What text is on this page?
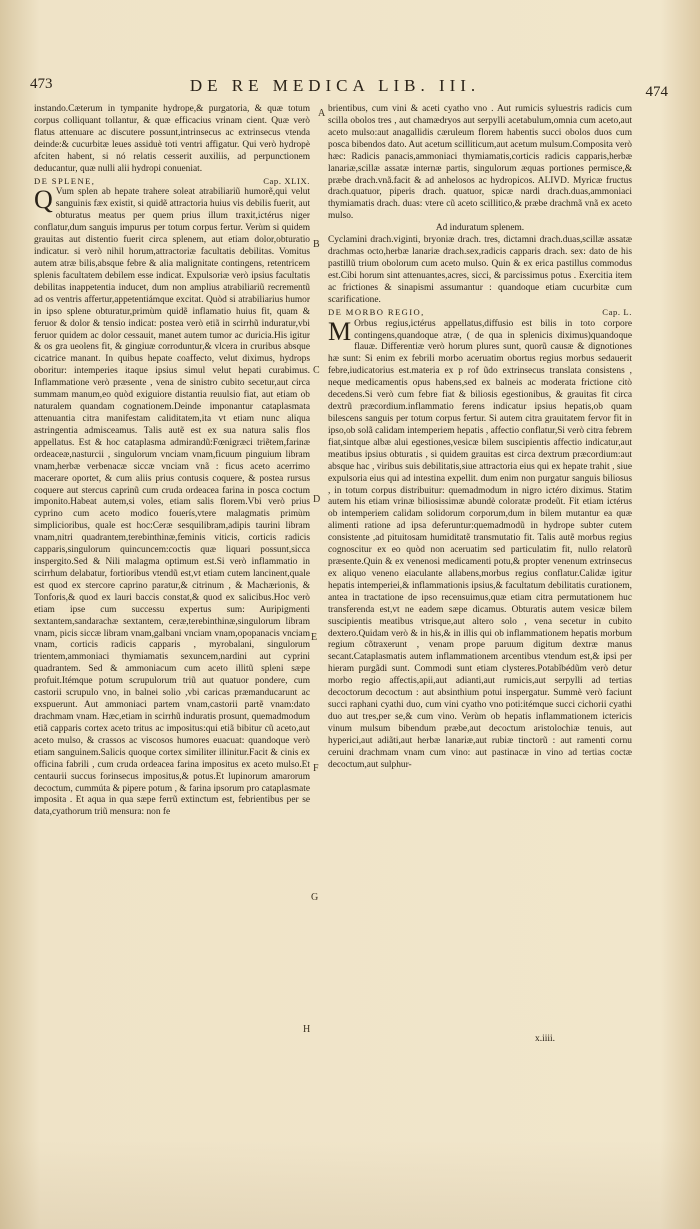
473	DE RE MEDICA LIB. III.	474

instando.Cæterum in tympanite hydrope,& purgatoria, & quæ totum corpus colliquant tollantur, & quæ efficacius vrinam cient. Quæ verò flatus attenuare ac discutere possunt,intrinsecus ac extrinsecus vtenda deinde:& cucurbitæ leues assiduè toti ventri affigatur. Qui verò hydropè afciten habent, si nó relatis cesserit auxiliis, ad perpunctionem deducantur, quæ nulli alii hydropi conueniat.

DE SPLENE,	Cap. XLIX.

Q Vum splen ab hepate trahere soleat atrabiliariũ humorẽ,qui velut sanguinis fæx existit, si quidẽ attractoria huius vis debilis fuerit, aut obturatus meatus per quem prius illum traxit,ictérus niger conflatur,dum sanguis impurus per totum corpus fertur. Verùm si quidem grauitas aut distentio fuerit circa splenem, aut etiam dolor,obturatio indicatur. si verò nihil horum,attractoriæ facultatis debilitas. Vomitus autem atræ bilis,absque febre & alia malignitate contingens, retentricem splenis facultatem debilem esse indicat. Expulsoriæ verò ipsius facultatis debilitas inappetentia inducet, dum non amplius atrabiliariũ recrementũ ad os ventris affertur,appetentiámque excitat. Quòd si atrabiliarius humor in ipso splene obturatur,primùm quidẽ inflamatio huius fit, quam & feruor & dolor & tensio indicat: postea verò etiã in scirrhũ induratur,vbi feruor quidem ac dolor cessauit, manet autem tumor ac duricia.His igitur & os gra ueolens fit, & gingiuæ corroduntur,& vlcera in cruribus absque cicatrice manant. In quibus hepate coaffecto, velut diximus, hydrops oboritur: intemperies itaque ipsius simul velut hepati curabimus. Inflammatione verò præsente , vena de sinistro cubito secetur,aut circa summam manum,eo quòd exiguiore distantia reuulsio fiat, aut etiam ob naturalem quandam cognationem.Deinde imponantur cataplasmata attenuantia citra manifestam caliditatem,ita vt etiam nunc aliqua astringentia admisceamus. Talis autẽ est ex sua natura salis flos appellatus. Est & hoc cataplasma admirandũ:Fœnigræci triẽtem,farinæ ordeaceæ,nasturcii , singulorum vnciam vnam,ficuum pinguium libram vnam,herbæ verbenacæ siccæ vnciam vnã : ficus aceto acerrimo macerare oportet, & cum aliis prius contusis coquere, & postea rursus coquere aut stercus caprinũ cum cruda ordeacea farina in posca coctum imponito.Habeat autem,si voles, etiam salis florem.Vbi verò prius cyprino cum aceto modico fouerís,vtere malagmatis primùm simplicioribus, quale est hoc:Ceræ sesquilibram,adipis taurini libram vnam,nitri quadrantem,terebinthinæ,feminis viticis, corticis radicis capparis,singulorum quincuncem:coctis quæ liquari possunt,sicca inspergito.Sed & Nili malagma optimum est.Si verò inflammatio in scirrhum delabatur, fortioribus vtendũ est,vt etiam cutem lancinent,quale est quod ex stercore caprino paratur,& citrinum , & Machærionis, & Tonforis,& quod ex lauri baccis constat,& quod ex salicibus.Hoc verò etiam ipse cum successu expertus sum: Auripigmenti sextantem,sandarachæ sextantem, ceræ,terebinthinæ,singulorum libram vnam, picis siccæ libram vnam,galbani vnciam vnam,opopanacis vnciam vnam, corticis radicis capparis , myrobalani, singulorum trientem,ammoniaci thymiamatis sexuncem,nardini aut cyprini quadrantem. Sed & ammoniacum cum aceto illitũ spleni sæpe profuit.Itémque potum scrupulorum triũ aut quatuor pondere, cum castorii scrupulo vno, in balnei solio ,vbi caricas præmanducarunt ac exspuerunt. Aut ammoniaci partem vnam,castorii partẽ vnam:dato drachmam vnam. Hæc,etiam in scirrhũ induratis prosunt, quemadmodum etiã capparis cortex aceto tritus ac impositus:qui etiã bibitur cũ aceto,aut aceto mulso, & crassos ac viscosos humores euacuat: quandoque verò etiam sanguinem.Salicis quoque cortex similiter illinitur.Facit & cinis ex officina fabrili , cum cruda ordeacea farina impositus ex aceto mulso.Et centaurii succus forinsecus impositus,& potus.Et lupinorum amarorum decoctum, cummúta & pipere potum , & farina ipsorum pro cataplasmate imposita . Et aqua in qua sæpe ferrũ extinctum est, febrientibus per se data,cyathorum triũ mensura: non fe

brientibus, cum vini & aceti cyatho vno . Aut rumicis syluestris radicis cum scilla obolos tres , aut chamædryos aut serpylli acetabulum,omnia cum aceto,aut aceto mulso:aut anagallidis cæruleum florem habentis succi obolos duos cum posca bibendos dato. Aut acetum scilliticum,aut acetum mulsum.Composita verò hæc: Radicis panacis,ammoniaci thymiamatis,corticis radicis capparis,herbæ lanariæ,scillæ assatæ internæ partis, singulorum æquas portiones permisce,& præbe drach.vnã.facit & ad anhelosos ac hydropicos. ALIVD. Myricæ fructus drach.quatuor, piperis drach. quatuor, spicæ nardi drach.duas,ammoniaci thymiamatis drach. duas: vtere cũ aceto scillitico,& præbe drachmã vnã ex aceto mulso.

Ad induratum splenem.

Cyclamini drach.viginti, bryoniæ drach. tres, dictamni drach.duas,scillæ assatæ drachmas octo,herbæ lanariæ drach.sex,radicis capparis drach. sex: dato de his pastillũ trium obolorum cum aceto mulso. Quin & ex erica pastillus commodus est.Cibi horum sint attenuantes,acres, sicci, & parcissimus potus . Exercitia item ac frictiones & sinapismi assumantur : quandoque etiam cucurbitæ cum scarificatione.

DE MORBO REGIO,	Cap. L.

M Orbus regius,ictérus appellatus,diffusio est bilis in toto corpore contingens,quandoque atræ, ( de qua in splenicis diximus)quandoque flauæ. Differentiæ verò horum plures sunt, quorũ causæ & dignotiones hæ sunt: Si enim ex febrili morbo aceruatim obortus regius morbus sedauerit febre,iudicatorius est.materia ex p rof ũdo extrinsecus translata consistens , neque medicamentis opus habens,sed ex balneis ac moderata frictione citò decedens.Si verò cum febre fiat & biliosis egestionibus, & grauitas fit circa dextrũ præcordium.inflammatio ferens indicatur ipsius hepatis,ob quam bilescens sanguis per totum corpus fertur. Si autem citra grauitatem fervor fit in ipso,ob solã calidam intemperiem hepatis , affectio conflatur,Si verò citra febrem fiat,sintque albæ alui egestiones,vesicæ bilem suscipientis affectio indicatur,aut meatibus ipsius obturatis , si quidem grauitas est circa dextrum præcordium:aut absque hac , viribus suis debilitatis,siue attractoria eius qui ex hepate trahit , siue expulsoria eius qui ad intestina expellit. dum enim non purgatur sanguis biliosus , in totum corpus distribuitur: quemadmodum in nigro ictéro diximus. Statim autem his etiam vrinæ biliosissimæ abundè coloratæ prodeũt. Fit etiam ictérus ob intemperiem calidam solidorum corporum,dum in bilem mutantur ea quæ alimenti ratione ad ipsa deferuntur:quemadmodũ in hydrope subter cutem consistente ,ad pituitosam humiditatẽ transmutatio fit. Talis autẽ morbus regius cognoscitur ex eo quòd non aceruatim sed particulatim fit, nullo relatorũ præsente.Quin & ex venenosi medicamenti potu,& propter venenum extrinsecus ex aliquo veneno eiaculante allabens,morbus regius conflatur.Calidæ igitur hepatis intemperiei,& inflammationis ipsius,& facultatum debilitatis curationem, antea in tractatione de ipso recensuimus,quæ etiam citra permutationem huc transferenda est,vt ne eadem sæpe dicamus. Obturatis autem vesicæ bilem suscipientis meatibus vtrisque,aut altero solo , vena secetur in cubito dextero.Quidam verò & in his,& in illis qui ob inflammationem hepatis morbum regium cõtraxerunt , venam prope paruum digitum dextræ manus secant.Cataplasmatis autem inflammationem arcentibus vtendum est,& ipsi per hieram purgãdi sunt. Commodi sunt etiam clysteres.Potabĩbédũm verò detur morbo regio affectis,apii,aut adianti,aut rumicis,aut serpylli ad tertias decoctorum decoctum : aut absinthium potui inspergatur. Summè verò faciunt succi raphani cyathi duo, cum vini cyatho vno poti:itémque succi cichorii cyathi duo aut tres,per se,& cum vino. Verùm ob hepatis inflammationem ictericis vinum mulsum bibendum præbe,aut decoctum aristolochiæ tenuis, aut hyperici,aut adiãti,aut herbæ lanariæ,aut rubiæ tinctorũ : aut ramenti cornu ceruini drachmam vnam cum vino: aut pastinacæ in vino ad tertias coctæ decoctum,aut sulphur-

A
B
C
D
E
F
G
H
x.iiii.
